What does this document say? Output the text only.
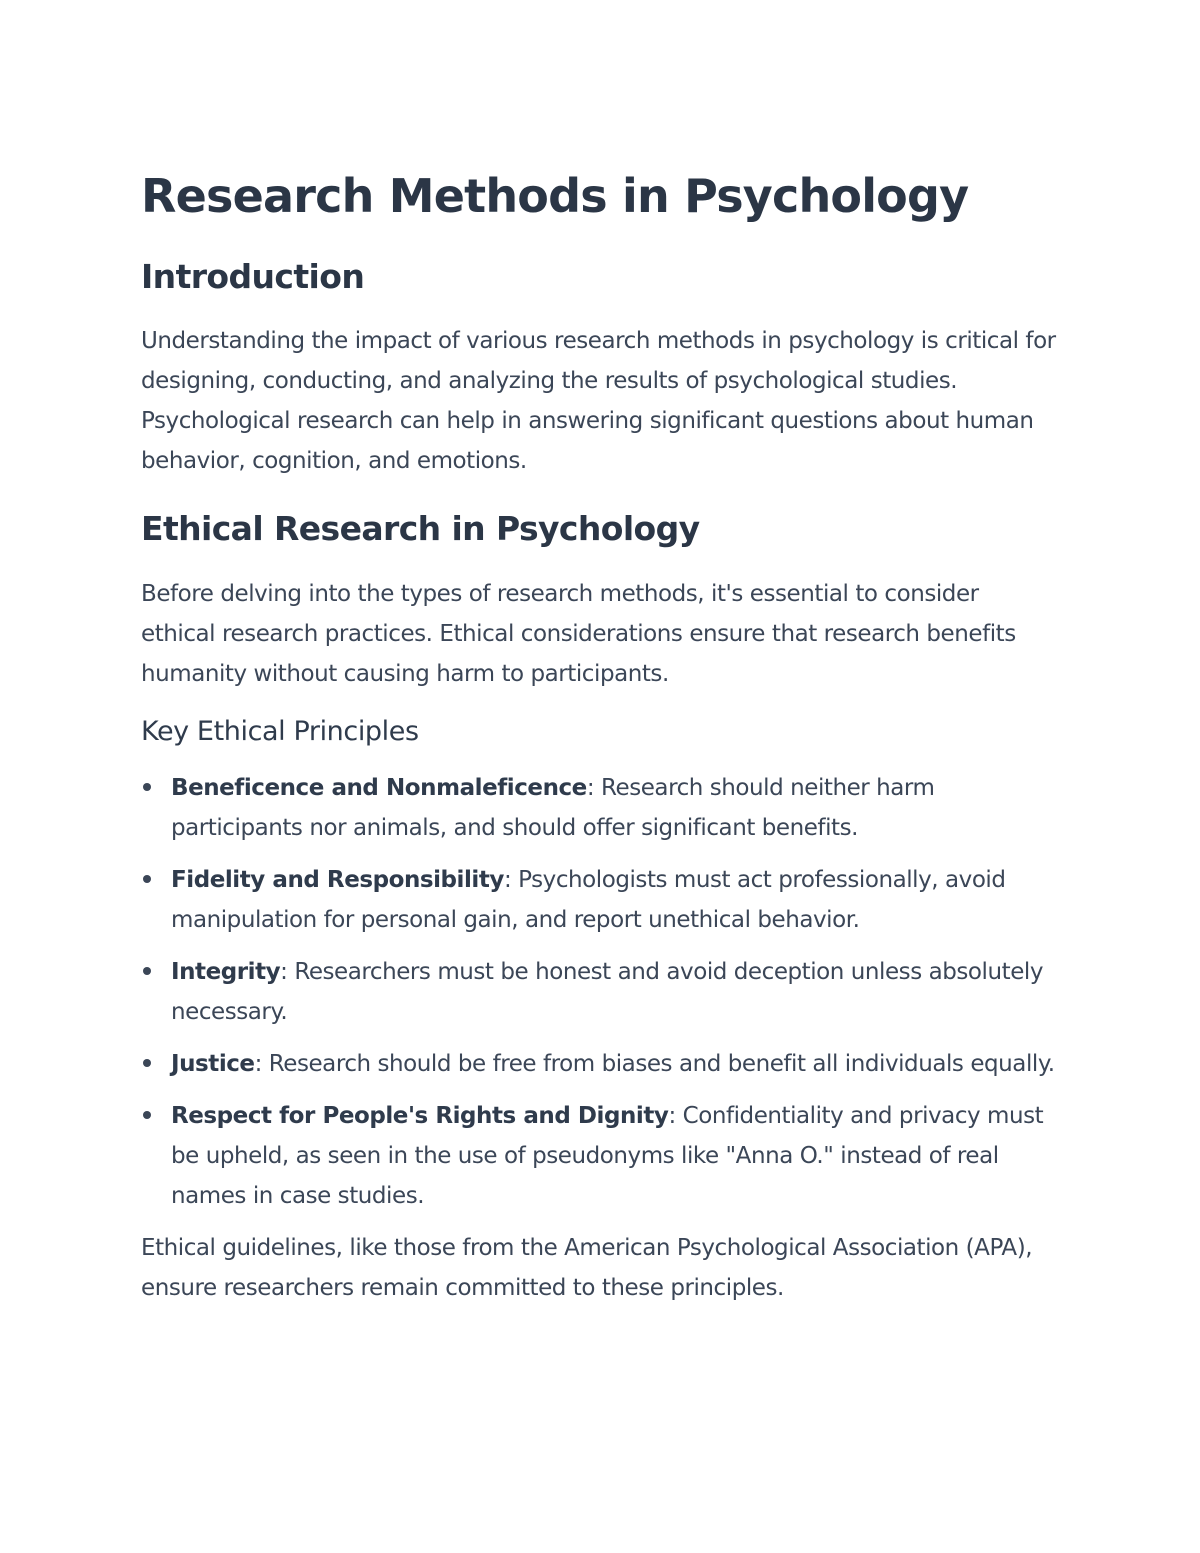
Research Methods in Psychology
Introduction

Understanding the impact of various research methods in psychology is critical for designing, conducting, and analyzing the results of psychological studies. Psychological research can help in answering significant questions about human behavior, cognition, and emotions.

Ethical Research in Psychology

Before delving into the types of research methods, it's essential to consider ethical research practices. Ethical considerations ensure that research benefits humanity without causing harm to participants.

Key Ethical Principles
Beneficence and Nonmaleficence: Research should neither harm participants nor animals, and should offer significant benefits.
Fidelity and Responsibility: Psychologists must act professionally, avoid manipulation for personal gain, and report unethical behavior.
Integrity: Researchers must be honest and avoid deception unless absolutely necessary.
Justice: Research should be free from biases and benefit all individuals equally.
Respect for People's Rights and Dignity: Confidentiality and privacy must be upheld, as seen in the use of pseudonyms like "Anna O." instead of real names in case studies.

Ethical guidelines, like those from the American Psychological Association (APA), ensure researchers remain committed to these principles.
